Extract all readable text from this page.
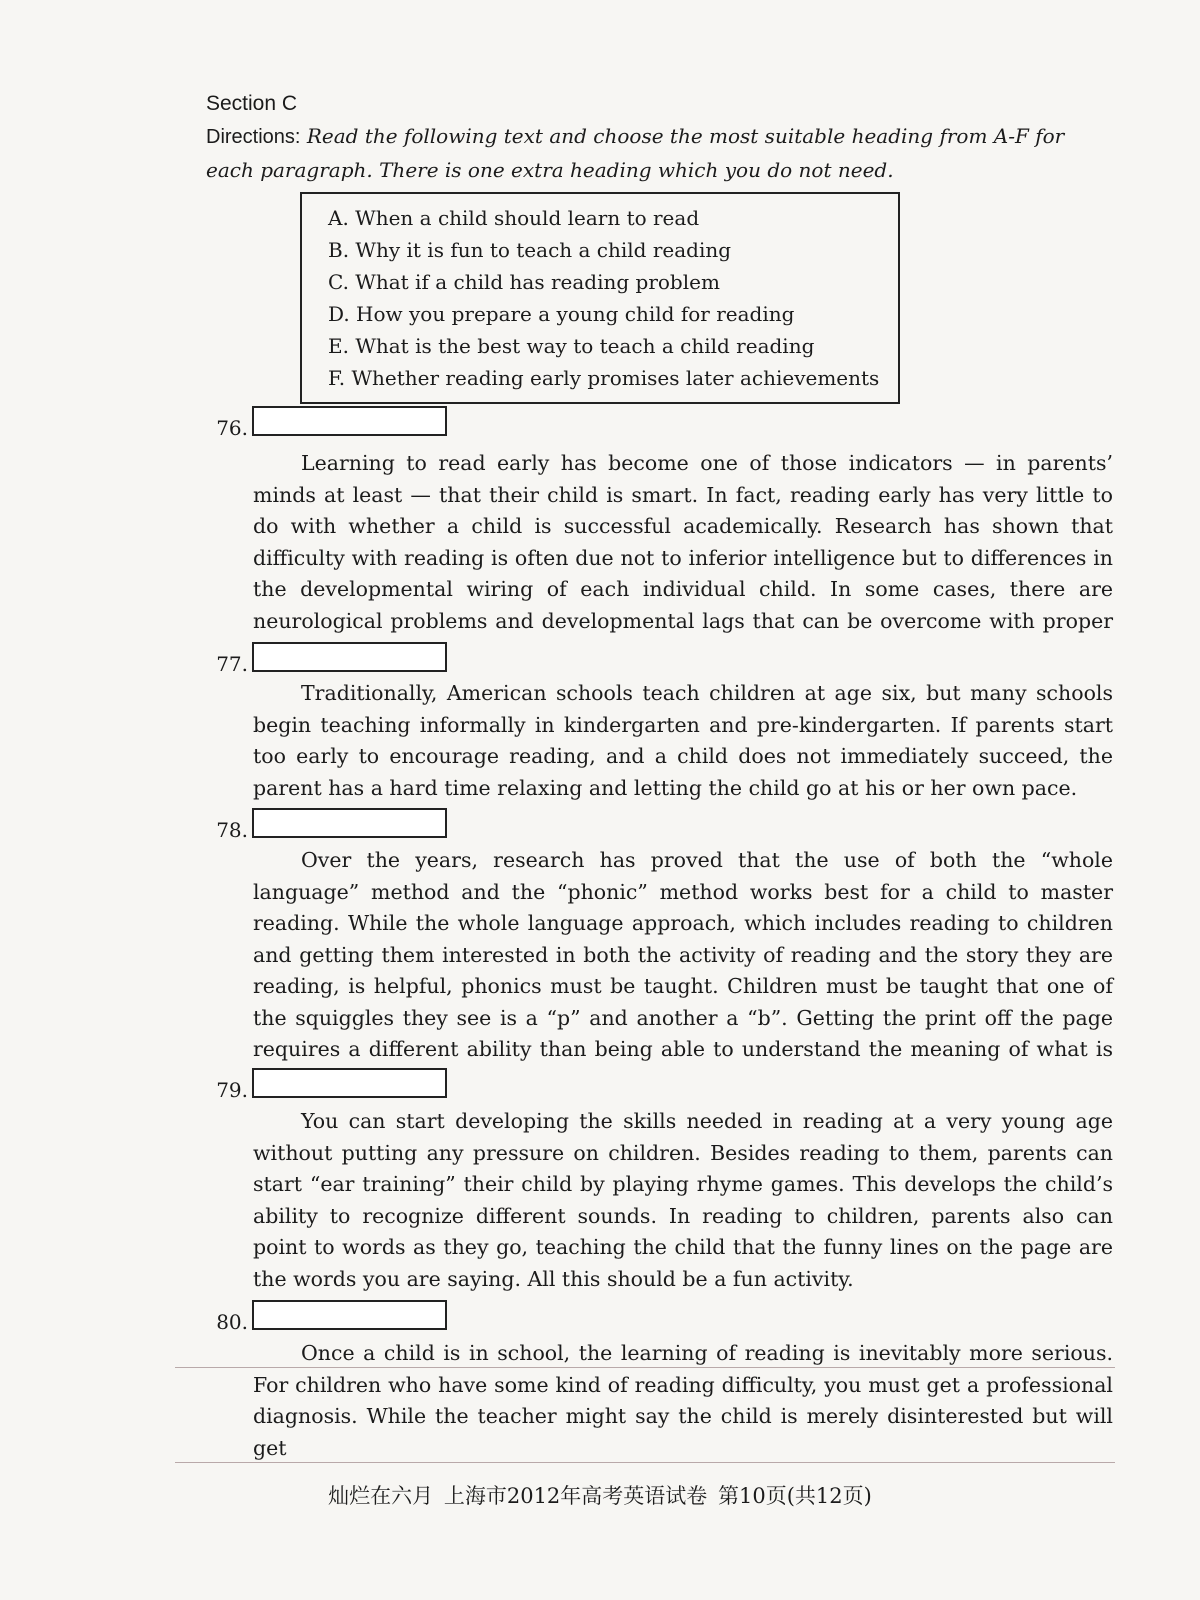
Section C
Directions: Read the following text and choose the most suitable heading from A-F for each paragraph. There is one extra heading which you do not need.
A. When a child should learn to read
B. Why it is fun to teach a child reading
C. What if a child has reading problem
D. How you prepare a young child for reading
E. What is the best way to teach a child reading
F. Whether reading early promises later achievements
76.
Learning to read early has become one of those indicators — in parents’ minds at least — that their child is smart. In fact, reading early has very little to do with whether a child is successful academically. Research has shown that difficulty with reading is often due not to inferior intelligence but to differences in the developmental wiring of each individual child. In some cases, there are neurological problems and developmental lags that can be overcome with proper
77.
Traditionally, American schools teach children at age six, but many schools begin teaching informally in kindergarten and pre-kindergarten. If parents start too early to encourage reading, and a child does not immediately succeed, the parent has a hard time relaxing and letting the child go at his or her own pace.
78.
Over the years, research has proved that the use of both the “whole language” method and the “phonic” method works best for a child to master reading. While the whole language approach, which includes reading to children and getting them interested in both the activity of reading and the story they are reading, is helpful, phonics must be taught. Children must be taught that one of the squiggles they see is a “p” and another a “b”. Getting the print off the page requires a different ability than being able to understand the meaning of what is
79.
You can start developing the skills needed in reading at a very young age without putting any pressure on children. Besides reading to them, parents can start “ear training” their child by playing rhyme games. This develops the child’s ability to recognize different sounds. In reading to children, parents also can point to words as they go, teaching the child that the funny lines on the page are the words you are saying. All this should be a fun activity.
80.
Once a child is in school, the learning of reading is inevitably more serious. For children who have some kind of reading difficulty, you must get a professional diagnosis. While the teacher might say the child is merely disinterested but will get
灿烂在六月 上海市2012年高考英语试卷 第10页(共12页)
